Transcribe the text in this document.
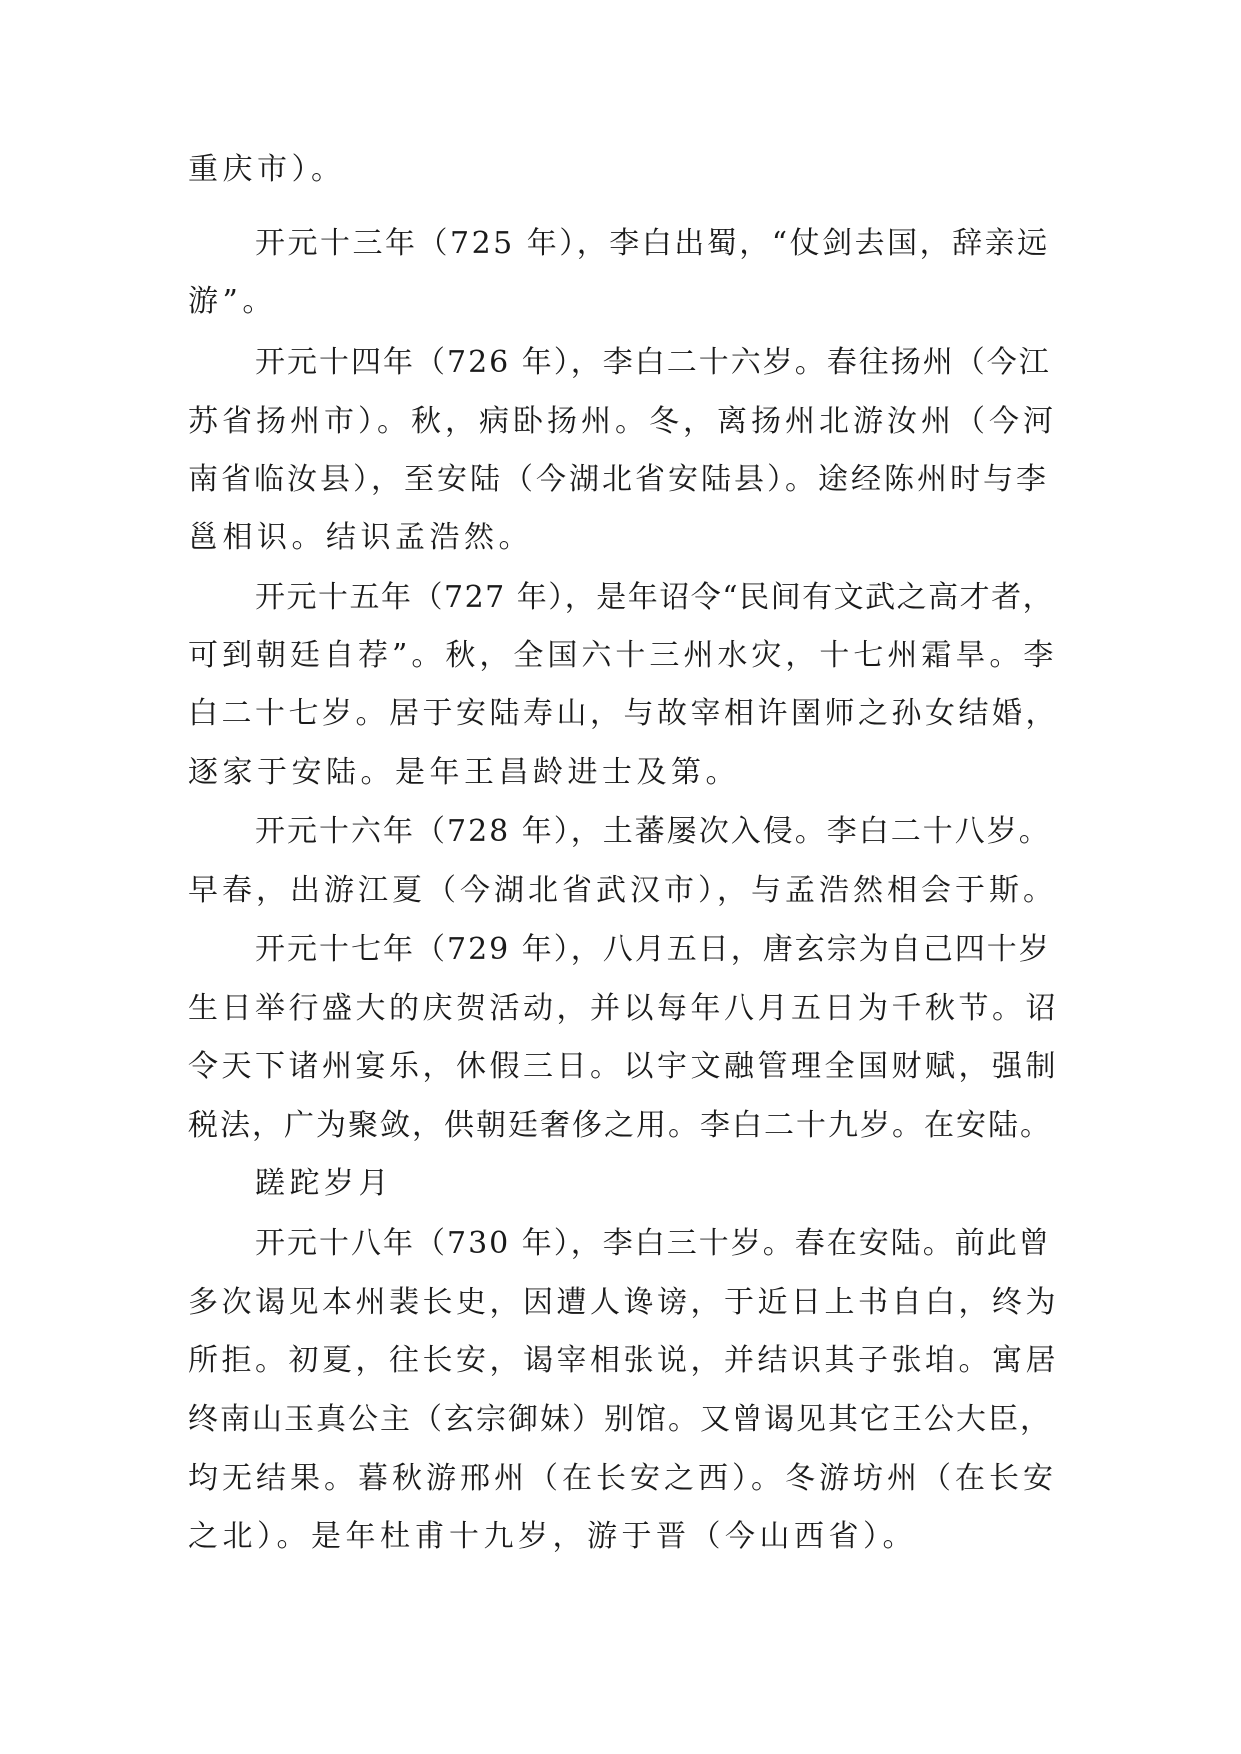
重庆市）。
开元十三年（725 年），李白出蜀，“仗剑去国，辞亲远
游”。
开元十四年（726 年），李白二十六岁。春往扬州（今江
苏省扬州市）。秋，病卧扬州。冬，离扬州北游汝州（今河
南省临汝县），至安陆（今湖北省安陆县）。途经陈州时与李
邕相识。结识孟浩然。
开元十五年（727 年），是年诏令“民间有文武之高才者，
可到朝廷自荐”。秋，全国六十三州水灾，十七州霜旱。李
白二十七岁。居于安陆寿山，与故宰相许圉师之孙女结婚，
逐家于安陆。是年王昌龄进士及第。
开元十六年（728 年），土蕃屡次入侵。李白二十八岁。
早春，出游江夏（今湖北省武汉市），与孟浩然相会于斯。
开元十七年（729 年），八月五日，唐玄宗为自己四十岁
生日举行盛大的庆贺活动，并以每年八月五日为千秋节。诏
令天下诸州宴乐，休假三日。以宇文融管理全国财赋，强制
税法，广为聚敛，供朝廷奢侈之用。李白二十九岁。在安陆。
蹉跎岁月
开元十八年（730 年），李白三十岁。春在安陆。前此曾
多次谒见本州裴长史，因遭人谗谤，于近日上书自白，终为
所拒。初夏，往长安，谒宰相张说，并结识其子张垍。寓居
终南山玉真公主（玄宗御妹）别馆。又曾谒见其它王公大臣，
均无结果。暮秋游邢州（在长安之西）。冬游坊州（在长安
之北）。是年杜甫十九岁，游于晋（今山西省）。
